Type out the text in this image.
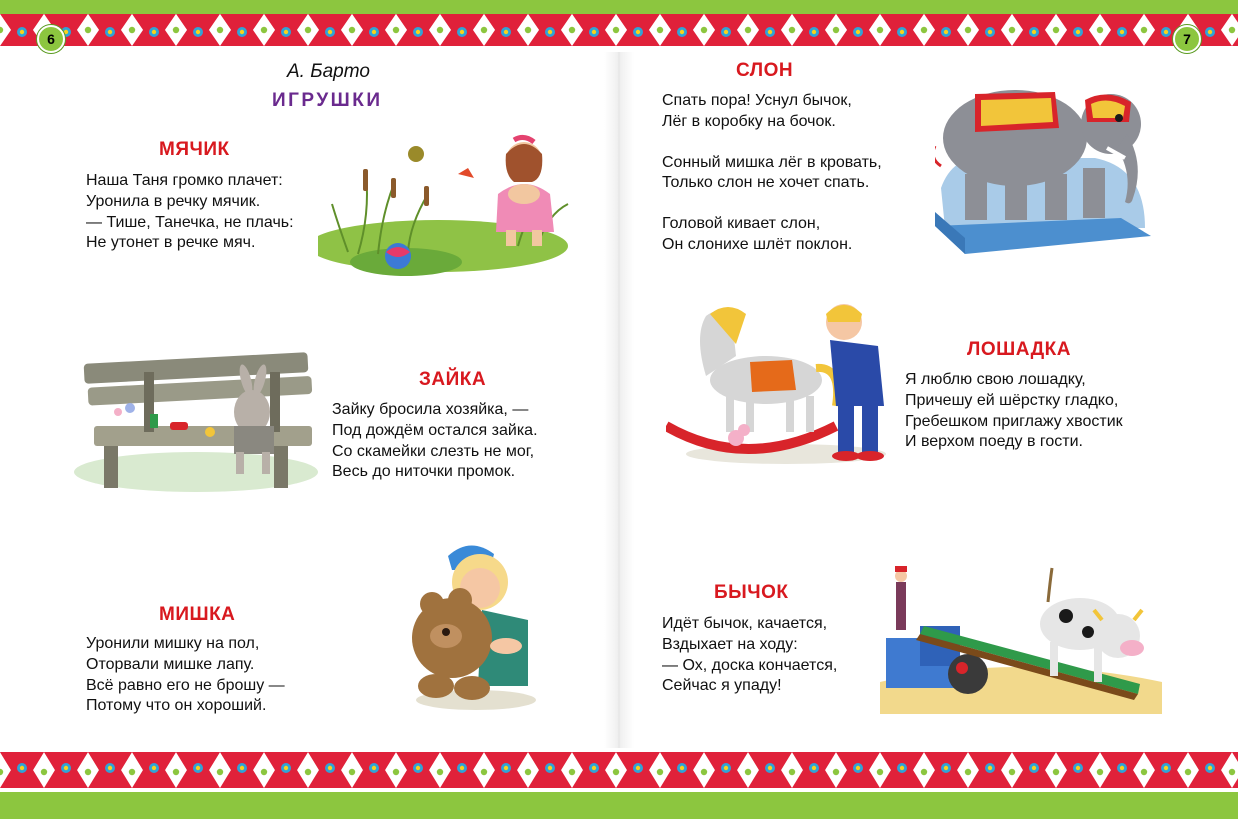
6	7
А. Барто
ИГРУШКИ
МЯЧИК
Наша Таня громко плачет:
Уронила в речку мячик.
— Тише, Танечка, не плачь:
Не утонет в речке мяч.
ЗАЙКА
Зайку бросила хозяйка, —
Под дождём остался зайка.
Со скамейки слезть не мог,
Весь до ниточки промок.
МИШКА
Уронили мишку на пол,
Оторвали мишке лапу.
Всё равно его не брошу —
Потому что он хороший.
СЛОН
Спать пора! Уснул бычок,
Лёг в коробку на бочок.
Сонный мишка лёг в кровать,
Только слон не хочет спать.
Головой кивает слон,
Он слонихе шлёт поклон.
ЛОШАДКА
Я люблю свою лошадку,
Причешу ей шёрстку гладко,
Гребешком приглажу хвостик
И верхом поеду в гости.
БЫЧОК
Идёт бычок, качается,
Вздыхает на ходу:
— Ох, доска кончается,
Сейчас я упаду!
